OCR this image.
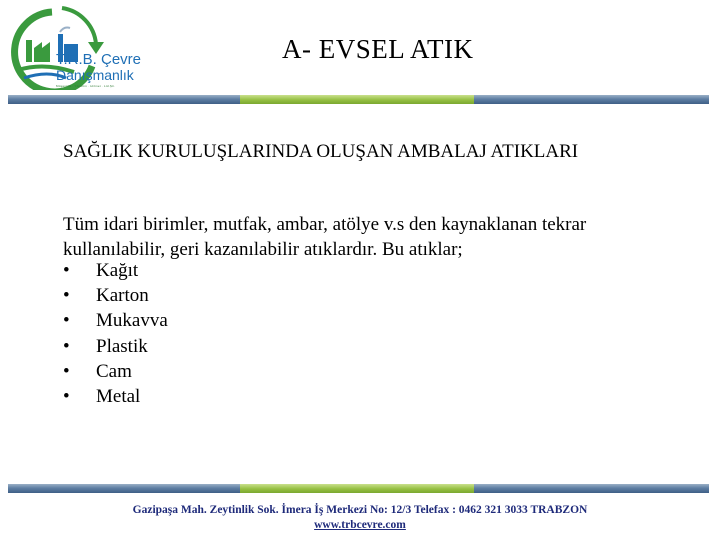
T.R.B. Çevre
Danışmanlık
Müşavirlik · Yönetim · Hizmet · Ltd.Şti.
A- EVSEL ATIK
SAĞLIK KURULUŞLARINDA OLUŞAN AMBALAJ ATIKLARI
Tüm idari birimler, mutfak, ambar, atölye v.s den kaynaklanan tekrar kullanılabilir, geri kazanılabilir atıklardır. Bu atıklar;
•	Kağıt
•	Karton
•	Mukavva
•	Plastik
•	Cam
•	Metal
Gazipaşa Mah. Zeytinlik Sok. İmera İş Merkezi No: 12/3 Telefax : 0462 321 3033 TRABZON
www.trbcevre.com
